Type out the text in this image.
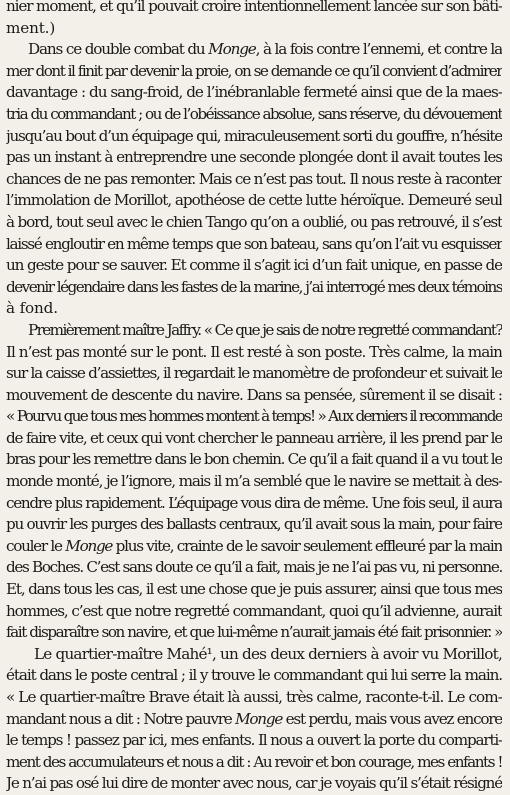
nier moment, et qu’il pouvait croire intentionnellement lancée sur son bâti-
ment.)
Dans ce double combat du Monge, à la fois contre l’ennemi, et contre la
mer dont il finit par devenir la proie, on se demande ce qu’il convient d’admirer
davantage : du sang-froid, de l’inébranlable fermeté ainsi que de la maes-
tria du commandant ; ou de l’obéissance absolue, sans réserve, du dévouement
jusqu’au bout d’un équipage qui, miraculeusement sorti du gouffre, n’hésite
pas un instant à entreprendre une seconde plongée dont il avait toutes les
chances de ne pas remonter. Mais ce n’est pas tout. Il nous reste à raconter
l’immolation de Morillot, apothéose de cette lutte héroïque. Demeuré seul
à bord, tout seul avec le chien Tango qu’on a oublié, ou pas retrouvé, il s’est
laissé engloutir en même temps que son bateau, sans qu’on l’ait vu esquisser
un geste pour se sauver. Et comme il s’agit ici d’un fait unique, en passe de
devenir légendaire dans les fastes de la marine, j’ai interrogé mes deux témoins
à fond.
Premièrement maître Jaffry. « Ce que je sais de notre regretté commandant?
Il n’est pas monté sur le pont. Il est resté à son poste. Très calme, la main
sur la caisse d’assiettes, il regardait le manomètre de profondeur et suivait le
mouvement de descente du navire. Dans sa pensée, sûrement il se disait :
« Pourvu que tous mes hommes montent à temps! » Aux derniers il recommande
de faire vite, et ceux qui vont chercher le panneau arrière, il les prend par le
bras pour les remettre dans le bon chemin. Ce qu’il a fait quand il a vu tout le
monde monté, je l’ignore, mais il m’a semblé que le navire se mettait à des-
cendre plus rapidement. L’équipage vous dira de même. Une fois seul, il aura
pu ouvrir les purges des ballasts centraux, qu’il avait sous la main, pour faire
couler le Monge plus vite, crainte de le savoir seulement effleuré par la main
des Boches. C’est sans doute ce qu’il a fait, mais je ne l’ai pas vu, ni personne.
Et, dans tous les cas, il est une chose que je puis assurer, ainsi que tous mes
hommes, c’est que notre regretté commandant, quoi qu’il advienne, aurait
fait disparaître son navire, et que lui-même n’aurait jamais été fait prisonnier. »
Le quartier-maître Mahé¹, un des deux derniers à avoir vu Morillot,
était dans le poste central ; il y trouve le commandant qui lui serre la main.
« Le quartier-maître Brave était là aussi, très calme, raconte-t-il. Le com-
mandant nous a dit : Notre pauvre Monge est perdu, mais vous avez encore
le temps ! passez par ici, mes enfants. Il nous a ouvert la porte du comparti-
ment des accumulateurs et nous a dit : Au revoir et bon courage, mes enfants !
Je n’ai pas osé lui dire de monter avec nous, car je voyais qu’il s’était résigné
